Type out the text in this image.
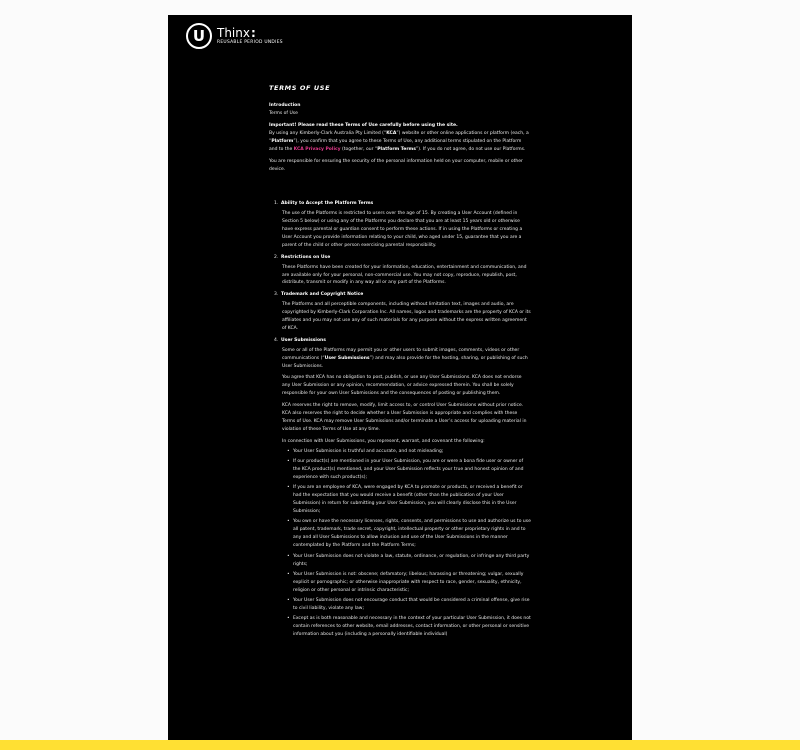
U Thinx:
REUSABLE PERIOD UNDIES
TERMS OF USE
Introduction
Terms of Use
Important! Please read these Terms of Use carefully before using the site.
By using any Kimberly-Clark Australia Pty Limited (“KCA”) website or other online applications or platform (each, a “Platform”), you confirm that you agree to these Terms of Use, any additional terms stipulated on the Platform and to the KCA Privacy Policy (together, our “Platform Terms”). If you do not agree, do not use our Platforms.
You are responsible for ensuring the security of the personal information held on your computer, mobile or other device.
1. Ability to Accept the Platform Terms
The use of the Platforms is restricted to users over the age of 15. By creating a User Account (defined in Section 5 below) or using any of the Platforms you declare that you are at least 15 years old or otherwise have express parental or guardian consent to perform these actions. If in using the Platforms or creating a User Account you provide information relating to your child, who aged under 15, guarantee that you are a parent of the child or other person exercising parental responsibility.
2. Restrictions on Use
These Platforms have been created for your information, education, entertainment and communication, and are available only for your personal, non-commercial use. You may not copy, reproduce, republish, post, distribute, transmit or modify in any way all or any part of the Platforms.
3. Trademark and Copyright Notice
The Platforms and all perceptible components, including without limitation text, images and audio, are copyrighted by Kimberly-Clark Corporation Inc. All names, logos and trademarks are the property of KCA or its affiliates and you may not use any of such materials for any purpose without the express written agreement of KCA.
4. User Submissions
Some or all of the Platforms may permit you or other users to submit images, comments, videos or other communications (“User Submissions”) and may also provide for the hosting, sharing, or publishing of such User Submissions.
You agree that KCA has no obligation to post, publish, or use any User Submissions. KCA does not endorse any User Submission or any opinion, recommendation, or advice expressed therein. You shall be solely responsible for your own User Submissions and the consequences of posting or publishing them.
KCA reserves the right to remove, modify, limit access to, or control User Submissions without prior notice. KCA also reserves the right to decide whether a User Submission is appropriate and complies with these Terms of Use. KCA may remove User Submissions and/or terminate a User’s access for uploading material in violation of these Terms of Use at any time.
In connection with User Submissions, you represent, warrant, and covenant the following:
• Your User Submission is truthful and accurate, and not misleading;
• If our product(s) are mentioned in your User Submission, you are or were a bona fide user or owner of the KCA product(s) mentioned, and your User Submission reflects your true and honest opinion of and experience with such product(s);
• If you are an employee of KCA, were engaged by KCA to promote or products, or received a benefit or had the expectation that you would receive a benefit (other than the publication of your User Submission) in return for submitting your User Submission, you will clearly disclose this in the User Submission;
• You own or have the necessary licenses, rights, consents, and permissions to use and authorize us to use all patent, trademark, trade secret, copyright, intellectual property or other proprietary rights in and to any and all User Submissions to allow inclusion and use of the User Submissions in the manner contemplated by the Platform and the Platform Terms;
• Your User Submission does not violate a law, statute, ordinance, or regulation, or infringe any third party rights;
• Your User Submission is not: obscene; defamatory; libelous; harassing or threatening; vulgar, sexually explicit or pornographic; or otherwise inappropriate with respect to race, gender, sexuality, ethnicity, religion or other personal or intrinsic characteristic;
• Your User Submission does not encourage conduct that would be considered a criminal offense, give rise to civil liability, violate any law;
• Except as is both reasonable and necessary in the context of your particular User Submission, it does not contain references to other website, email addresses, contact information, or other personal or sensitive information about you (including a personally identifiable individual)
